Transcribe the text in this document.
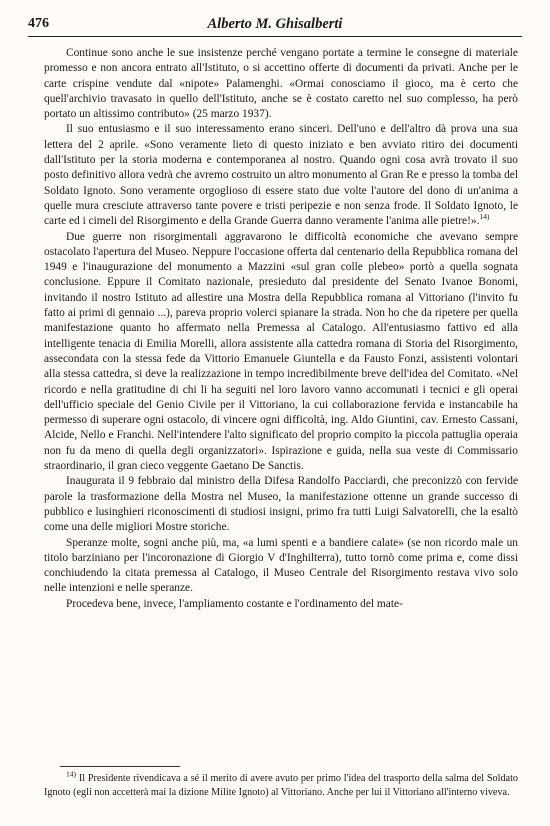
476	Alberto M. Ghisalberti

Continue sono anche le sue insistenze perché vengano portate a termine le consegne di materiale promesso e non ancora entrato all'Istituto, o si accettino offerte di documenti da privati. Anche per le carte crispine vendute dal «nipote» Palamenghi. «Ormai conosciamo il gioco, ma è certo che quell'archivio travasato in quello dell'Istituto, anche se è costato caretto nel suo complesso, ha però portato un altissimo contributo» (25 marzo 1937).

Il suo entusiasmo e il suo interessamento erano sinceri. Dell'uno e dell'altro dà prova una sua lettera del 2 aprile. «Sono veramente lieto di questo iniziato e ben avviato ritiro dei documenti dall'Istituto per la storia moderna e contemporanea al nostro. Quando ogni cosa avrà trovato il suo posto definitivo allora vedrà che avremo costruito un altro monumento al Gran Re e presso la tomba del Soldato Ignoto. Sono veramente orgoglioso di essere stato due volte l'autore del dono di un'anima a quelle mura cresciute attraverso tante povere e tristi peripezie e non senza frode. Il Soldato Ignoto, le carte ed i cimeli del Risorgimento e della Grande Guerra danno veramente l'anima alle pietre!».$^{14)}$

Due guerre non risorgimentali aggravarono le difficoltà economiche che avevano sempre ostacolato l'apertura del Museo. Neppure l'occasione offerta dal centenario della Repubblica romana del 1949 e l'inaugurazione del monumento a Mazzini «sul gran colle plebeo» portò a quella sognata conclusione. Eppure il Comitato nazionale, presieduto dal presidente del Senato Ivanoe Bonomi, invitando il nostro Istituto ad allestire una Mostra della Repubblica romana al Vittoriano (l'invito fu fatto ai primi di gennaio ...), pareva proprio volerci spianare la strada. Non ho che da ripetere per quella manifestazione quanto ho affermato nella Premessa al Catalogo. All'entusiasmo fattivo ed alla intelligente tenacia di Emilia Morelli, allora assistente alla cattedra romana di Storia del Risorgimento, assecondata con la stessa fede da Vittorio Emanuele Giuntella e da Fausto Fonzi, assistenti volontari alla stessa cattedra, si deve la realizzazione in tempo incredibilmente breve dell'idea del Comitato. «Nel ricordo e nella gratitudine di chi li ha seguiti nel loro lavoro vanno accomunati i tecnici e gli operai dell'ufficio speciale del Genio Civile per il Vittoriano, la cui collaborazione fervida e instancabile ha permesso di superare ogni ostacolo, di vincere ogni difficoltà, ing. Aldo Giuntini, cav. Ernesto Cassani, Alcide, Nello e Franchi. Nell'intendere l'alto significato del proprio compito la piccola pattuglia operaia non fu da meno di quella degli organizzatori». Ispirazione e guida, nella sua veste di Commissario straordinario, il gran cieco veggente Gaetano De Sanctis.

Inaugurata il 9 febbraio dal ministro della Difesa Randolfo Pacciardi, che preconizzò con fervide parole la trasformazione della Mostra nel Museo, la manifestazione ottenne un grande successo di pubblico e lusinghieri riconoscimenti di studiosi insigni, primo fra tutti Luigi Salvatorelli, che la esaltò come una delle migliori Mostre storiche.

Speranze molte, sogni anche più, ma, «a lumi spenti e a bandiere calate» (se non ricordo male un titolo barzinianο per l'incoronazione di Giorgio V d'Inghilterra), tutto tornò come prima e, come dissi conchiudendo la citata premessa al Catalogo, il Museo Centrale del Risorgimento restava vivo solo nelle intenzioni e nelle speranze.

Procedeva bene, invece, l'ampliamento costante e l'ordinamento del mate-

$^{14)}$ Il Presidente rivendicava a sé il merito di avere avuto per primo l'idea del trasporto della salma del Soldato Ignoto (egli non accetterà mai la dizione Milite Ignoto) al Vittoriano. Anche per lui il Vittoriano all'interno viveva.
